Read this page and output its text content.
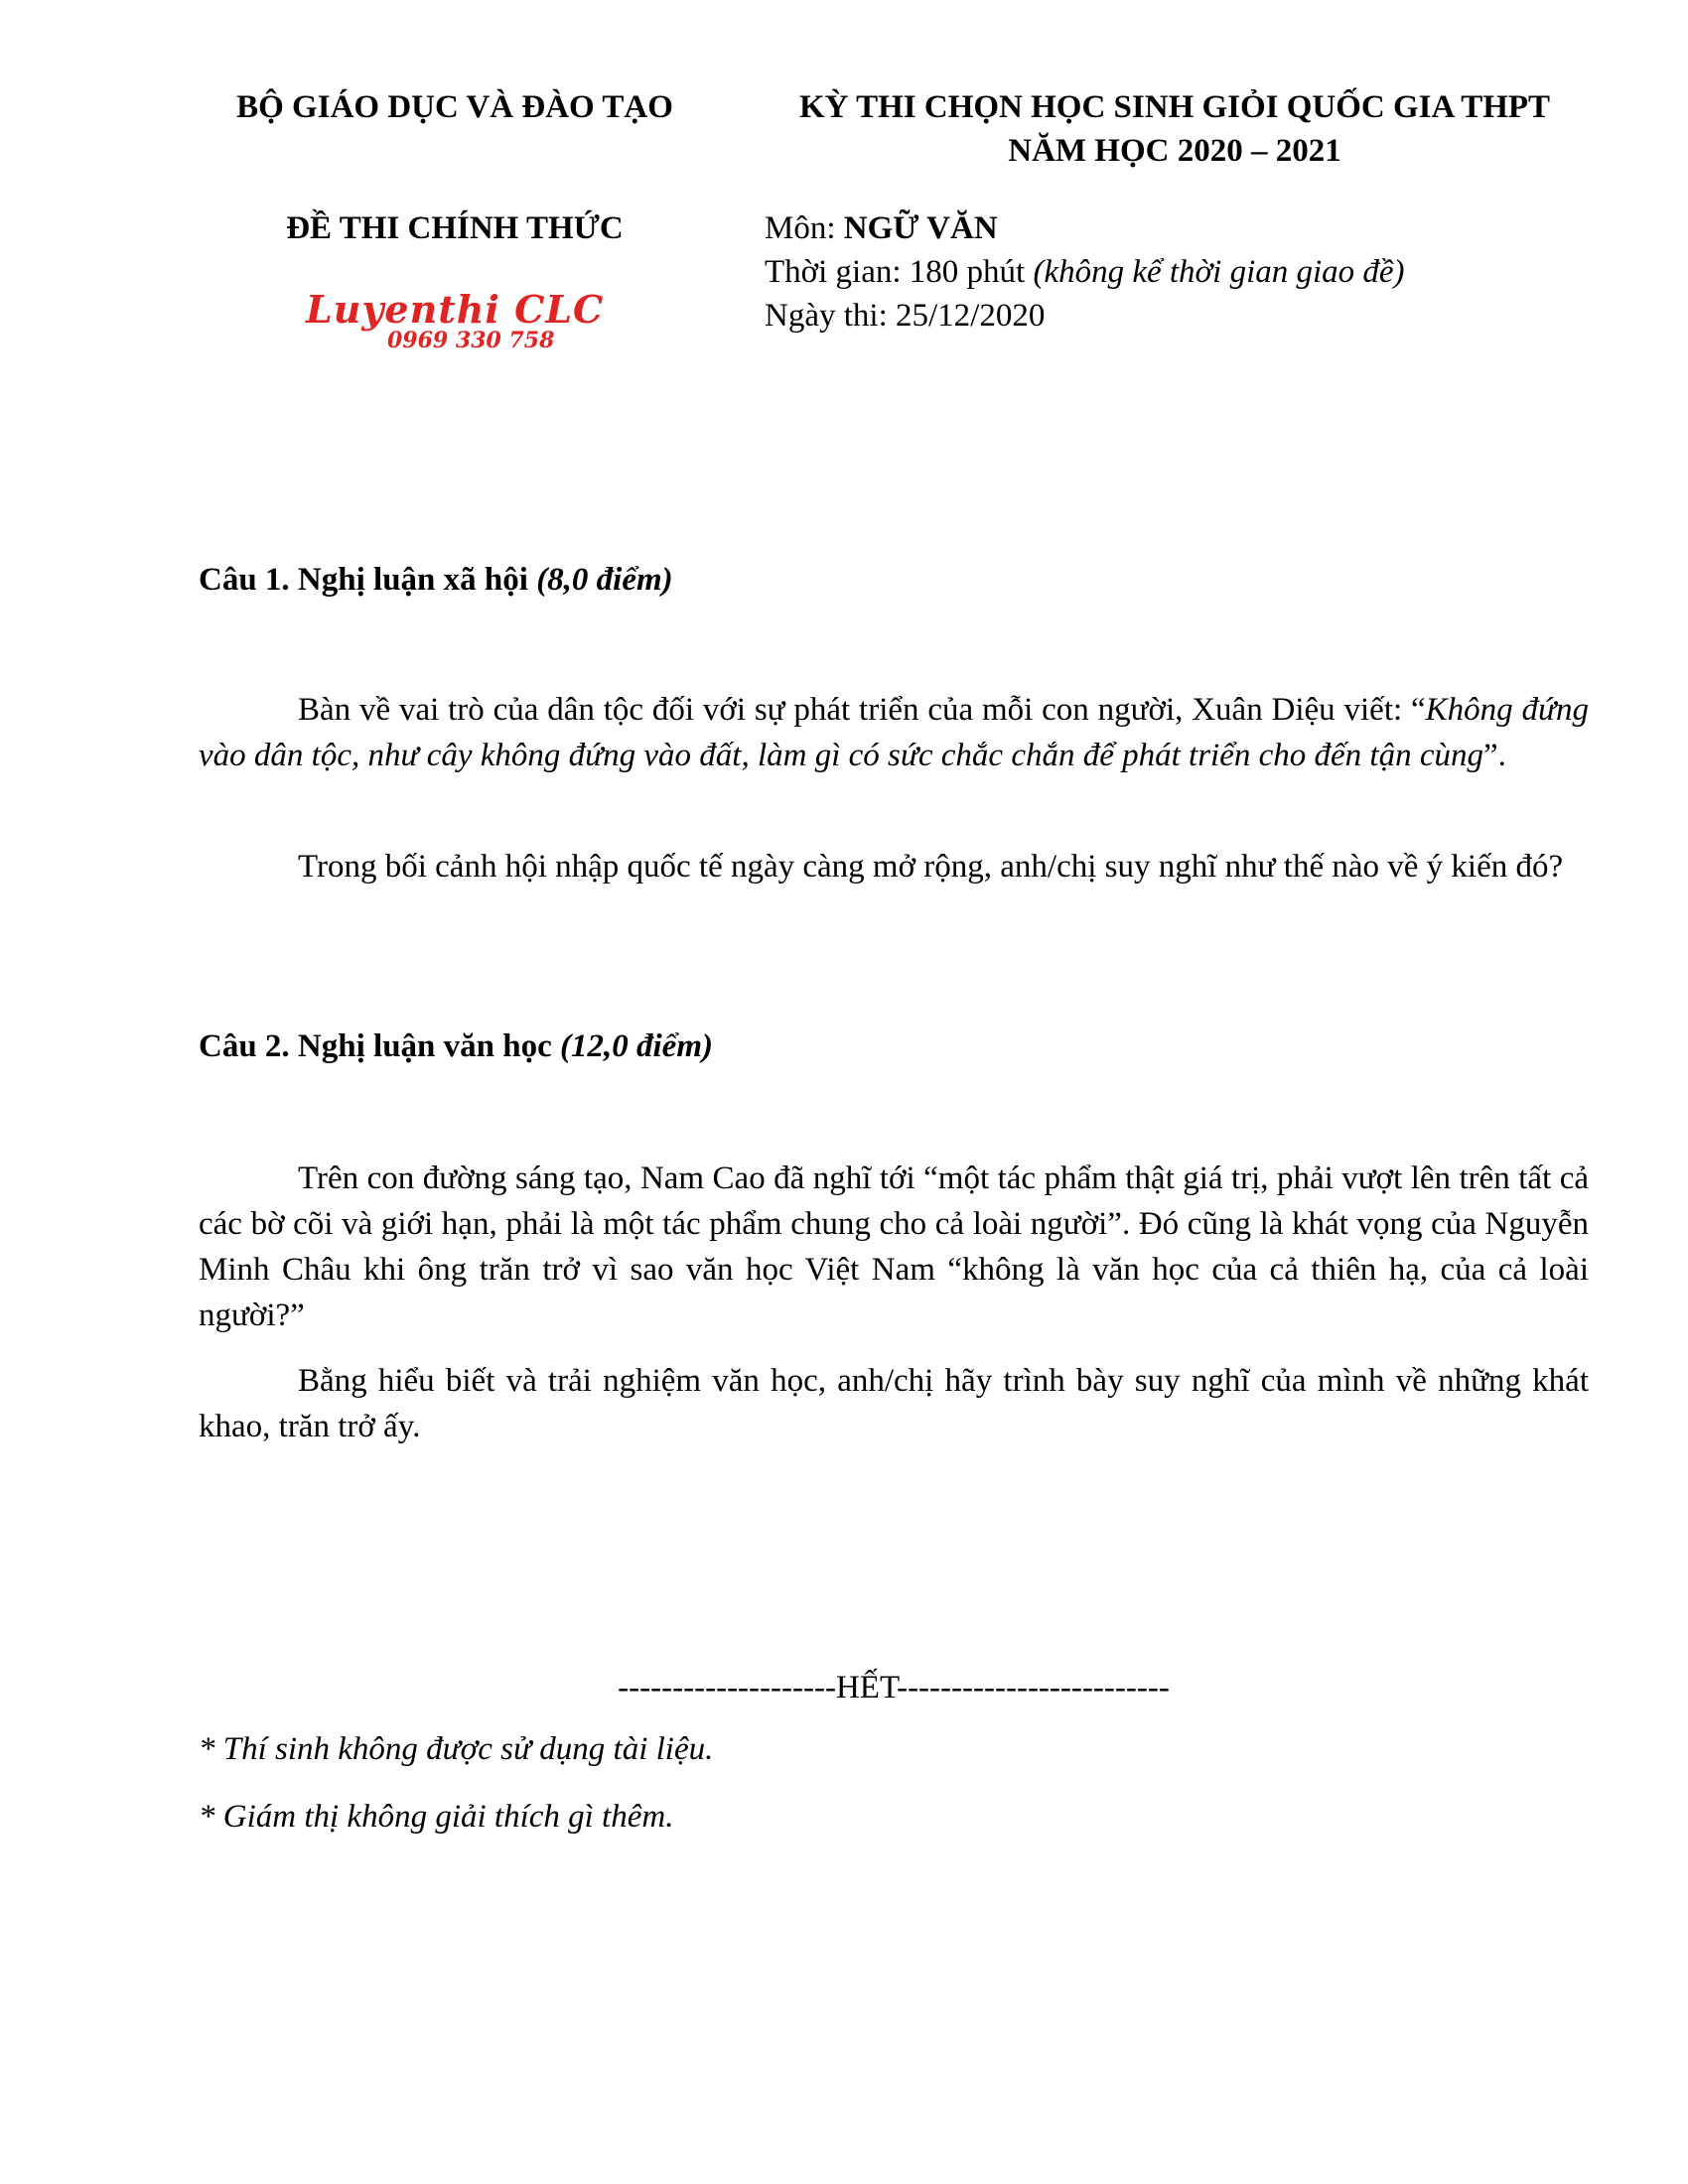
BỘ GIÁO DỤC VÀ ĐÀO TẠO	KỲ THI CHỌN HỌC SINH GIỎI QUỐC GIA THPT
NĂM HỌC 2020 – 2021
ĐỀ THI CHÍNH THỨC	Môn: NGỮ VĂN
Thời gian: 180 phút (không kể thời gian giao đề)
Ngày thi: 25/12/2020
Luyenthi CLC
0969 330 758
Câu 1. Nghị luận xã hội (8,0 điểm)

Bàn về vai trò của dân tộc đối với sự phát triển của mỗi con người, Xuân Diệu viết: “Không đứng vào dân tộc, như cây không đứng vào đất, làm gì có sức chắc chắn để phát triển cho đến tận cùng”.

Trong bối cảnh hội nhập quốc tế ngày càng mở rộng, anh/chị suy nghĩ như thế nào về ý kiến đó?

Câu 2. Nghị luận văn học (12,0 điểm)

Trên con đường sáng tạo, Nam Cao đã nghĩ tới “một tác phẩm thật giá trị, phải vượt lên trên tất cả các bờ cõi và giới hạn, phải là một tác phẩm chung cho cả loài người”. Đó cũng là khát vọng của Nguyễn Minh Châu khi ông trăn trở vì sao văn học Việt Nam “không là văn học của cả thiên hạ, của cả loài người?”

Bằng hiểu biết và trải nghiệm văn học, anh/chị hãy trình bày suy nghĩ của mình về những khát khao, trăn trở ấy.

--------------------HẾT-------------------------
* Thí sinh không được sử dụng tài liệu.
* Giám thị không giải thích gì thêm.
